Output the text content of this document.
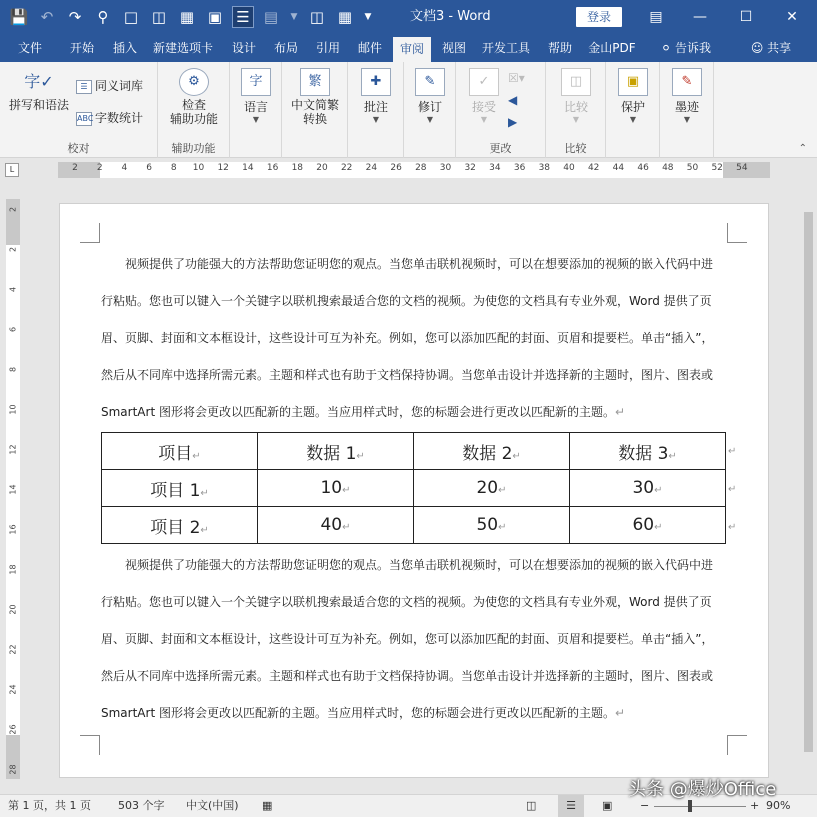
💾 ↶	↷	⚲	□ ◫ ▦ ▣ ☰ ▤	▼ ◫ ▦	▼	文档3 - Word	登录	▤	—	☐	✕
文件	开始	插入	新建选项卡	设计	布局	引用	邮件	审阅	视图	开发工具	帮助	金山PDF	⚪ 告诉我	☺ 共享
字✓
拼写和语法
☰ 同义词库
ABC 字数统计
校对
⚙
检查
辅助功能
辅助功能
字
语言
▼
繁
中文简繁
转换
✚
批注
▼
✎
修订
▼
✓
接受
▼
☒▾
◀
▶
更改
◫
比较
▼
比较
▣
保护
▼
✎
墨迹
▼
⌃
L	2	2	4	6	8	10	12	14	16	18	20	22	24	26	28	30	32	34	36	38	40	42	44	46	48	50	52	54
2
2
4
6
8
10
12
14
16
18
20
22
24
26
28

视频提供了功能强大的方法帮助您证明您的观点。当您单击联机视频时，可以在想要添加的视频的嵌入代码中进

行粘贴。您也可以键入一个关键字以联机搜索最适合您的文档的视频。为使您的文档具有专业外观，Word 提供了页

眉、页脚、封面和文本框设计，这些设计可互为补充。例如，您可以添加匹配的封面、页眉和提要栏。单击“插入”，

然后从不同库中选择所需元素。主题和样式也有助于文档保持协调。当您单击设计并选择新的主题时，图片、图表或

SmartArt 图形将会更改以匹配新的主题。当应用样式时，您的标题会进行更改以匹配新的主题。↵

项目↵	数据 1↵	数据 2↵	数据 3↵
项目 1↵	10↵	20↵	30↵
项目 2↵	40↵	50↵	60↵
↵
↵
↵

视频提供了功能强大的方法帮助您证明您的观点。当您单击联机视频时，可以在想要添加的视频的嵌入代码中进

行粘贴。您也可以键入一个关键字以联机搜索最适合您的文档的视频。为使您的文档具有专业外观，Word 提供了页

眉、页脚、封面和文本框设计，这些设计可互为补充。例如，您可以添加匹配的封面、页眉和提要栏。单击“插入”，

然后从不同库中选择所需元素。主题和样式也有助于文档保持协调。当您单击设计并选择新的主题时，图片、图表或

SmartArt 图形将会更改以匹配新的主题。当应用样式时，您的标题会进行更改以匹配新的主题。↵

第 1 页，共 1 页 503 个字 中文(中国) ▦	◫	☰	▣	−	+ 90%
头条 @爆炒Office
